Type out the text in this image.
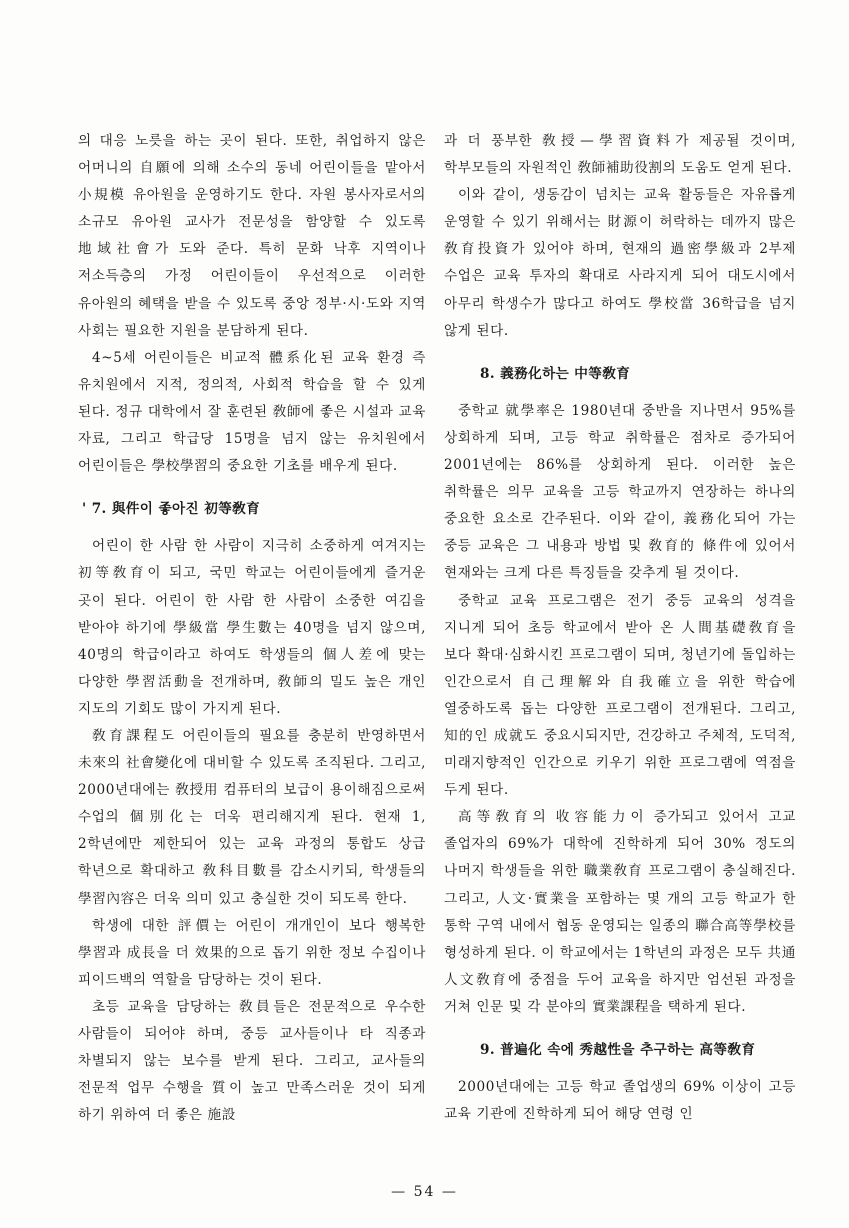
의 대응 노릇을 하는 곳이 된다. 또한, 취업하지 않은 어머니의 自願에 의해 소수의 동네 어린이들을 맡아서 小規模 유아원을 운영하기도 한다. 자원 봉사자로서의 소규모 유아원 교사가 전문성을 함양할 수 있도록 地域社會가 도와 준다. 특히 문화 낙후 지역이나 저소득층의 가정 어린이들이 우선적으로 이러한 유아원의 혜택을 받을 수 있도록 중앙 정부·시·도와 지역 사회는 필요한 지원을 분담하게 된다.

4~5세 어린이들은 비교적 體系化된 교육 환경 즉 유치원에서 지적, 정의적, 사회적 학습을 할 수 있게 된다. 정규 대학에서 잘 훈련된 敎師에 좋은 시설과 교육 자료, 그리고 학급당 15명을 넘지 않는 유치원에서 어린이들은 學校學習의 중요한 기초를 배우게 된다.

' 7. 與件이 좋아진 初等敎育

어린이 한 사람 한 사람이 지극히 소중하게 여겨지는 初等敎育이 되고, 국민 학교는 어린이들에게 즐거운 곳이 된다. 어린이 한 사람 한 사람이 소중한 여김을 받아야 하기에 學級當 學生數는 40명을 넘지 않으며, 40명의 학급이라고 하여도 학생들의 個人差에 맞는 다양한 學習活動을 전개하며, 敎師의 밀도 높은 개인 지도의 기회도 많이 가지게 된다.

敎育課程도 어린이들의 필요를 충분히 반영하면서 未來의 社會變化에 대비할 수 있도록 조직된다. 그리고, 2000년대에는 敎授用 컴퓨터의 보급이 용이해짐으로써 수업의 個別化는 더욱 편리해지게 된다. 현재 1, 2학년에만 제한되어 있는 교육 과정의 통합도 상급 학년으로 확대하고 敎科目數를 감소시키되, 학생들의 學習內容은 더욱 의미 있고 충실한 것이 되도록 한다.

학생에 대한 評價는 어린이 개개인이 보다 행복한 學習과 成長을 더 效果的으로 돕기 위한 정보 수집이나 피이드백의 역할을 담당하는 것이 된다.

초등 교육을 담당하는 敎員들은 전문적으로 우수한 사람들이 되어야 하며, 중등 교사들이나 타 직종과 차별되지 않는 보수를 받게 된다. 그리고, 교사들의 전문적 업무 수행을 質이 높고 만족스러운 것이 되게 하기 위하여 더 좋은 施設

과 더 풍부한 敎授—學習資料가 제공될 것이며, 학부모들의 자원적인 敎師補助役割의 도움도 얻게 된다.

이와 같이, 생동감이 넘치는 교육 활동들은 자유롭게 운영할 수 있기 위해서는 財源이 허락하는 데까지 많은 敎育投資가 있어야 하며, 현재의 過密學級과 2부제 수업은 교육 투자의 확대로 사라지게 되어 대도시에서 아무리 학생수가 많다고 하여도 學校當 36학급을 넘지 않게 된다.

8. 義務化하는 中等敎育

중학교 就學率은 1980년대 중반을 지나면서 95%를 상회하게 되며, 고등 학교 취학률은 점차로 증가되어 2001년에는 86%를 상회하게 된다. 이러한 높은 취학률은 의무 교육을 고등 학교까지 연장하는 하나의 중요한 요소로 간주된다. 이와 같이, 義務化되어 가는 중등 교육은 그 내용과 방법 및 敎育的 條件에 있어서 현재와는 크게 다른 특징들을 갖추게 될 것이다.

중학교 교육 프로그램은 전기 중등 교육의 성격을 지니게 되어 초등 학교에서 받아 온 人間基礎敎育을 보다 확대·심화시킨 프로그램이 되며, 청년기에 돌입하는 인간으로서 自己理解와 自我確立을 위한 학습에 열중하도록 돕는 다양한 프로그램이 전개된다. 그리고, 知的인 成就도 중요시되지만, 건강하고 주체적, 도덕적, 미래지향적인 인간으로 키우기 위한 프로그램에 역점을 두게 된다.

高等敎育의 收容能力이 증가되고 있어서 고교 졸업자의 69%가 대학에 진학하게 되어 30% 정도의 나머지 학생들을 위한 職業敎育 프로그램이 충실해진다. 그리고, 人文·實業을 포함하는 몇 개의 고등 학교가 한 통학 구역 내에서 협동 운영되는 일종의 聯合高等學校를 형성하게 된다. 이 학교에서는 1학년의 과정은 모두 共通 人文敎育에 중점을 두어 교육을 하지만 엄선된 과정을 거쳐 인문 및 각 분야의 實業課程을 택하게 된다.

9. 普遍化 속에 秀越性을 추구하는 高等敎育

2000년대에는 고등 학교 졸업생의 69% 이상이 고등 교육 기관에 진학하게 되어 해당 연령 인

— 54 —
